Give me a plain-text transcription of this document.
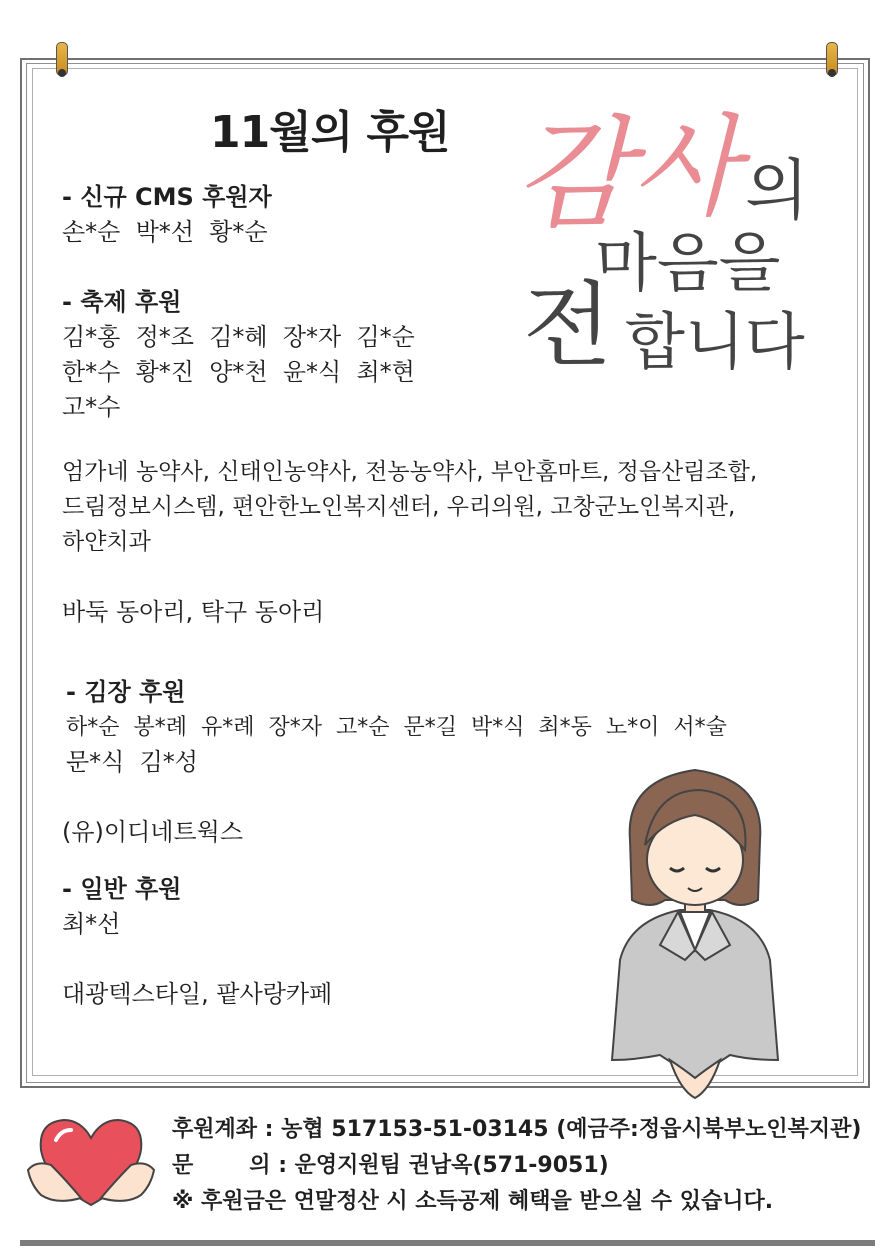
11월의 후원 감 사 의
마음을
전 합니다
- 신규 CMS 후원자
손*순  박*선  황*순
- 축제 후원
김*홍  정*조  김*혜  장*자  김*순
한*수  황*진  양*천  윤*식  최*현
고*수
엄가네 농약사, 신태인농약사, 전농농약사, 부안홈마트, 정읍산림조합,
드림정보시스템, 편안한노인복지센터, 우리의원, 고창군노인복지관,
하얀치과
바둑 동아리, 탁구 동아리
- 김장 후원
하*순  봉*례  유*례  장*자  고*순  문*길  박*식  최*동  노*이  서*술
문*식  김*성
(유)이디네트웍스
- 일반 후원
최*선
대광텍스타일, 팥사랑카페
후원계좌 : 농협 517153-51-03145 (예금주:정읍시북부노인복지관)
문	의 : 운영지원팀 권남옥(571-9051)
※ 후원금은 연말정산 시 소득공제 혜택을 받으실 수 있습니다.
